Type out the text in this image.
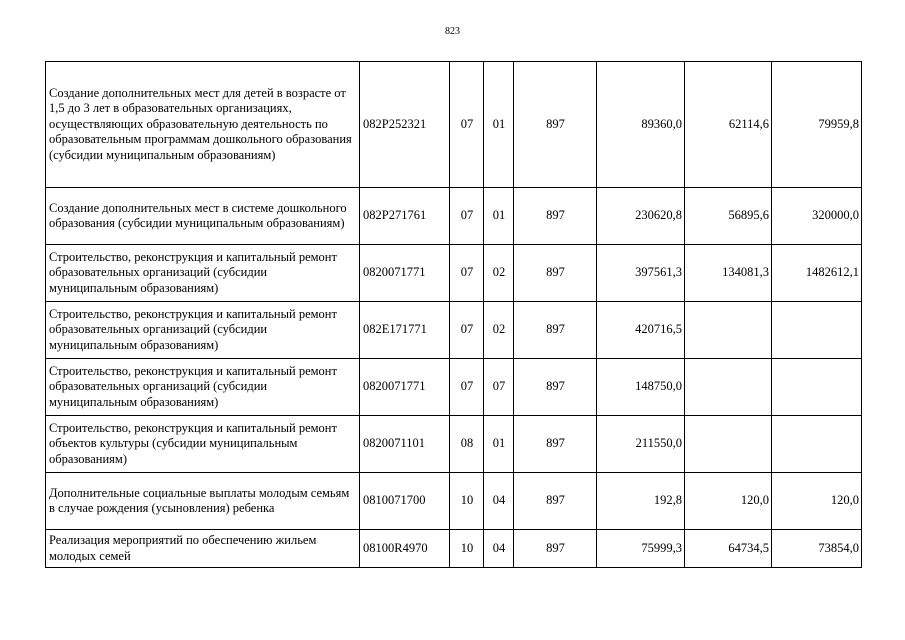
823
Создание дополнительных мест для детей в возрасте от 1,5 до 3 лет в образовательных организациях, осуществляющих образовательную деятельность по образовательным программам дошкольного образования (субсидии муниципальным образованиям)	082P252321	07	01	897	89360,0	62114,6	79959,8
Создание дополнительных мест в системе дошкольного образования (субсидии муниципальным образованиям)	082P271761	07	01	897	230620,8	56895,6	320000,0
Строительство, реконструкция и капитальный ремонт образовательных организаций (субсидии муниципальным образованиям)	0820071771	07	02	897	397561,3	134081,3	1482612,1
Строительство, реконструкция и капитальный ремонт образовательных организаций (субсидии муниципальным образованиям)	082E171771	07	02	897	420716,5		
Строительство, реконструкция и капитальный ремонт образовательных организаций (субсидии муниципальным образованиям)	0820071771	07	07	897	148750,0		
Строительство, реконструкция и капитальный ремонт объектов культуры (субсидии муниципальным образованиям)	0820071101	08	01	897	211550,0		
Дополнительные социальные выплаты молодым семьям в случае рождения (усыновления) ребенка	0810071700	10	04	897	192,8	120,0	120,0
Реализация мероприятий по обеспечению жильем молодых семей	08100R4970	10	04	897	75999,3	64734,5	73854,0
